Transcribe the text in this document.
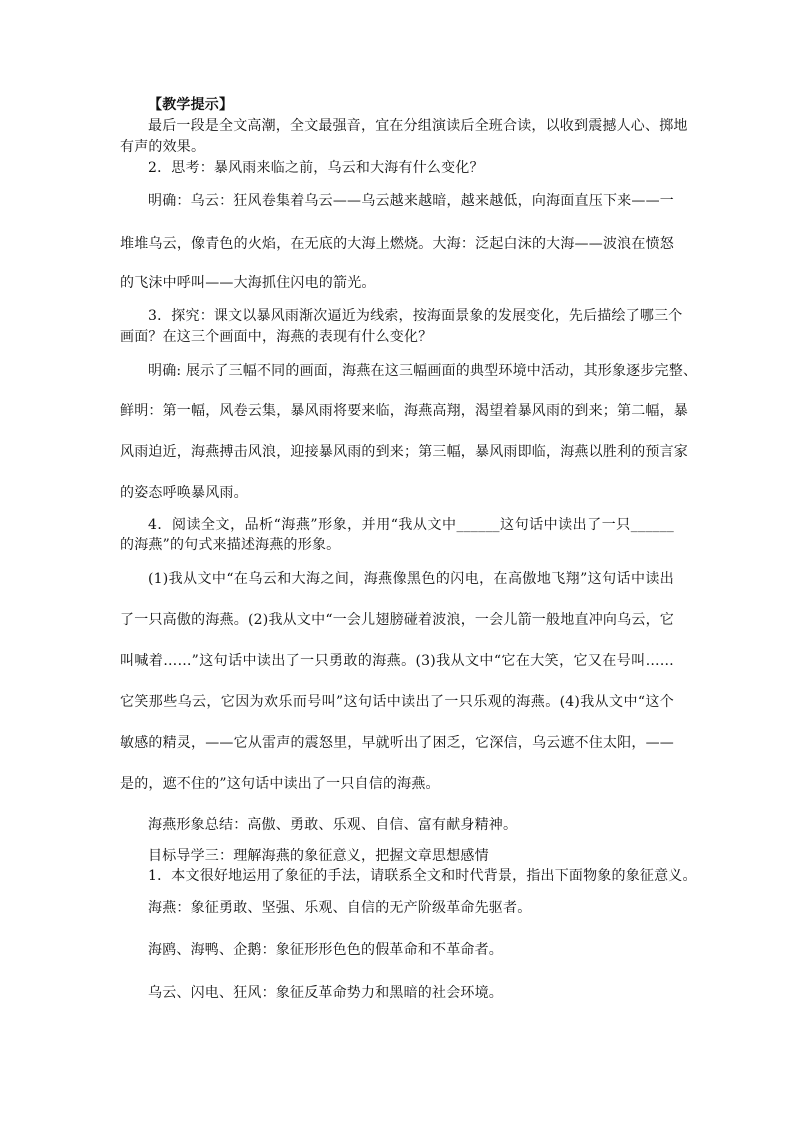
【教学提示】
最后一段是全文高潮，全文最强音，宜在分组演读后全班合读，以收到震撼人心、掷地
有声的效果。
2．思考：暴风雨来临之前，乌云和大海有什么变化？
明确：乌云：狂风卷集着乌云——乌云越来越暗，越来越低，向海面直压下来——一
堆堆乌云，像青色的火焰，在无底的大海上燃烧。大海：泛起白沫的大海——波浪在愤怒
的飞沫中呼叫——大海抓住闪电的箭光。
3．探究：课文以暴风雨渐次逼近为线索，按海面景象的发展变化，先后描绘了哪三个
画面？在这三个画面中，海燕的表现有什么变化？
明确: 展示了三幅不同的画面，海燕在这三幅画面的典型环境中活动，其形象逐步完整、
鲜明：第一幅，风卷云集，暴风雨将要来临，海燕高翔，渴望着暴风雨的到来；第二幅，暴
风雨迫近，海燕搏击风浪，迎接暴风雨的到来；第三幅，暴风雨即临，海燕以胜利的预言家
的姿态呼唤暴风雨。
4．阅读全文，品析“海燕”形象，并用“我从文中______这句话中读出了一只______
的海燕”的句式来描述海燕的形象。
(1)我从文中“在乌云和大海之间，海燕像黑色的闪电，在高傲地飞翔”这句话中读出
了一只高傲的海燕。(2)我从文中“一会儿翅膀碰着波浪，一会儿箭一般地直冲向乌云，它
叫喊着……”这句话中读出了一只勇敢的海燕。(3)我从文中“它在大笑，它又在号叫……
它笑那些乌云，它因为欢乐而号叫”这句话中读出了一只乐观的海燕。(4)我从文中“这个
敏感的精灵，——它从雷声的震怒里，早就听出了困乏，它深信，乌云遮不住太阳，——
是的，遮不住的”这句话中读出了一只自信的海燕。
海燕形象总结：高傲、勇敢、乐观、自信、富有献身精神。
目标导学三：理解海燕的象征意义，把握文章思想感情
1．本文很好地运用了象征的手法，请联系全文和时代背景，指出下面物象的象征意义。
海燕：象征勇敢、坚强、乐观、自信的无产阶级革命先驱者。
海鸥、海鸭、企鹅：象征形形色色的假革命和不革命者。
乌云、闪电、狂风：象征反革命势力和黑暗的社会环境。
